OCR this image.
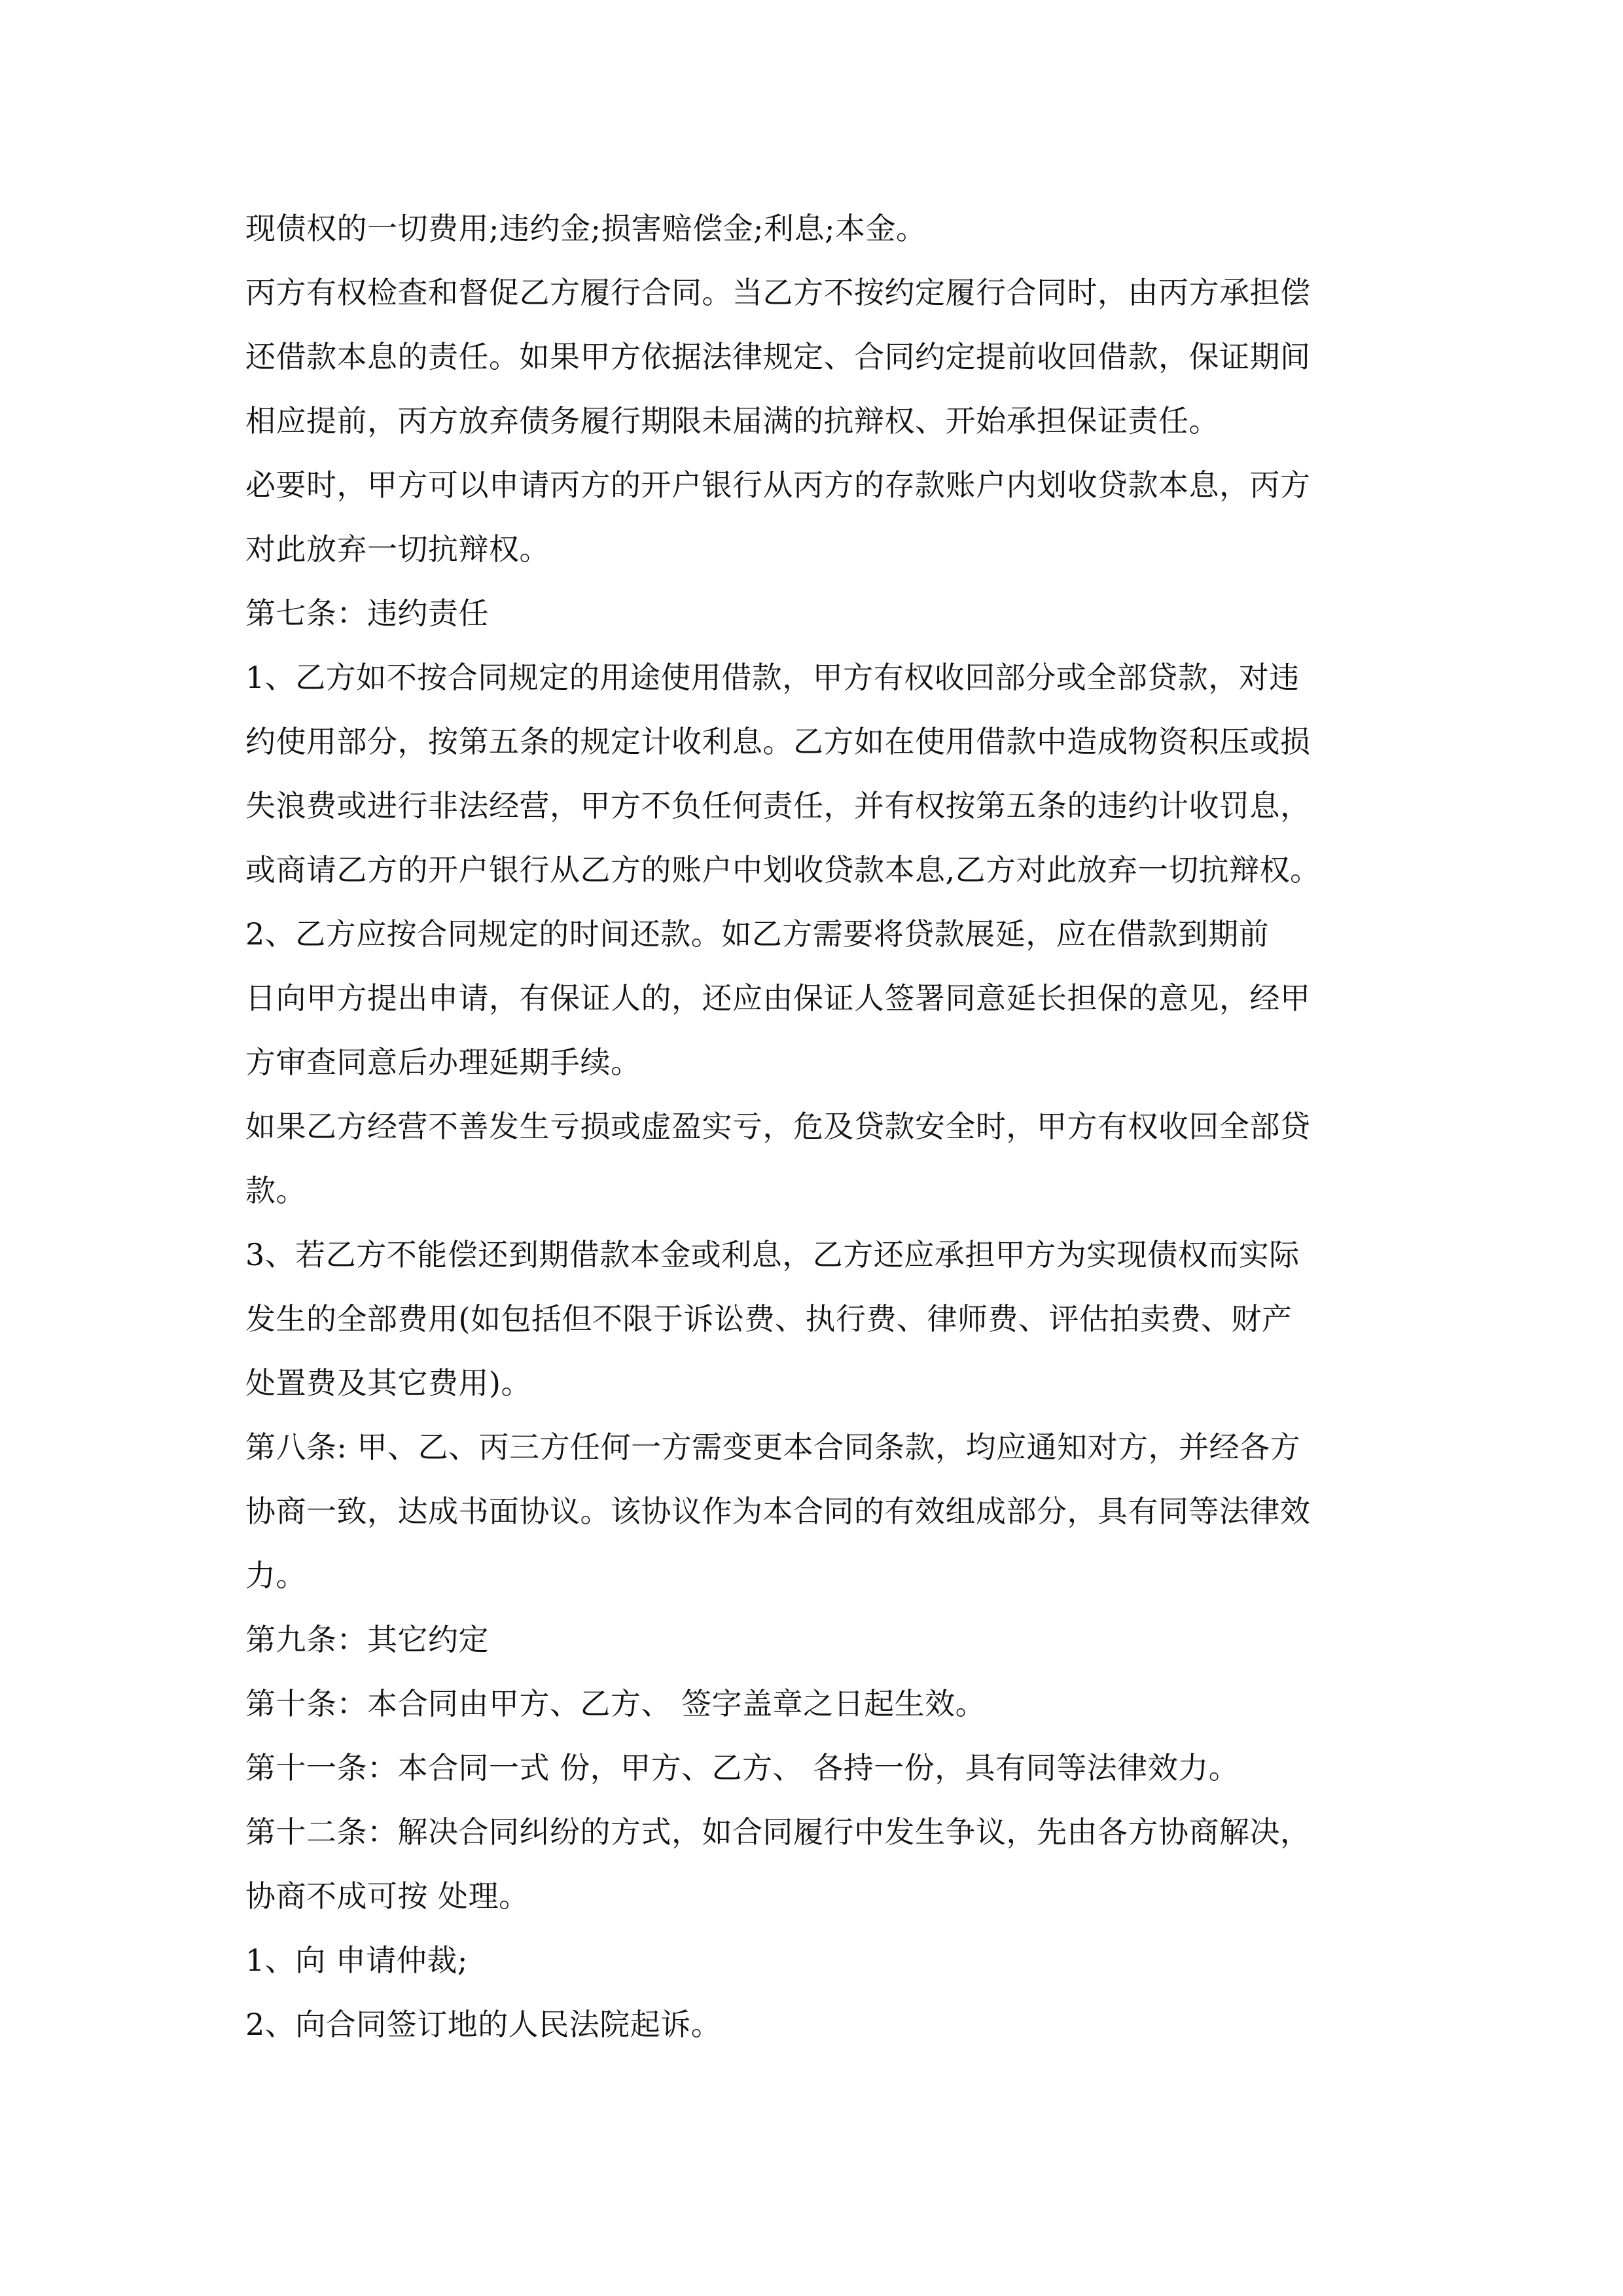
现债权的一切费用;违约金;损害赔偿金;利息;本金。
丙方有权检查和督促乙方履行合同。当乙方不按约定履行合同时，由丙方承担偿
还借款本息的责任。如果甲方依据法律规定、合同约定提前收回借款，保证期间
相应提前，丙方放弃债务履行期限未届满的抗辩权、开始承担保证责任。
必要时，甲方可以申请丙方的开户银行从丙方的存款账户内划收贷款本息，丙方
对此放弃一切抗辩权。
第七条：违约责任
1、乙方如不按合同规定的用途使用借款，甲方有权收回部分或全部贷款，对违
约使用部分，按第五条的规定计收利息。乙方如在使用借款中造成物资积压或损
失浪费或进行非法经营，甲方不负任何责任，并有权按第五条的违约计收罚息，
或商请乙方的开户银行从乙方的账户中划收贷款本息,乙方对此放弃一切抗辩权。
2、乙方应按合同规定的时间还款。如乙方需要将贷款展延，应在借款到期前
日向甲方提出申请，有保证人的，还应由保证人签署同意延长担保的意见，经甲
方审查同意后办理延期手续。
如果乙方经营不善发生亏损或虚盈实亏，危及贷款安全时，甲方有权收回全部贷
款。
3、若乙方不能偿还到期借款本金或利息，乙方还应承担甲方为实现债权而实际
发生的全部费用(如包括但不限于诉讼费、执行费、律师费、评估拍卖费、财产
处置费及其它费用)。
第八条: 甲、乙、丙三方任何一方需变更本合同条款，均应通知对方，并经各方
协商一致，达成书面协议。该协议作为本合同的有效组成部分，具有同等法律效
力。
第九条：其它约定
第十条：本合同由甲方、乙方、 签字盖章之日起生效。
第十一条：本合同一式 份，甲方、乙方、 各持一份，具有同等法律效力。
第十二条：解决合同纠纷的方式，如合同履行中发生争议，先由各方协商解决，
协商不成可按 处理。
1、向 申请仲裁;
2、向合同签订地的人民法院起诉。
